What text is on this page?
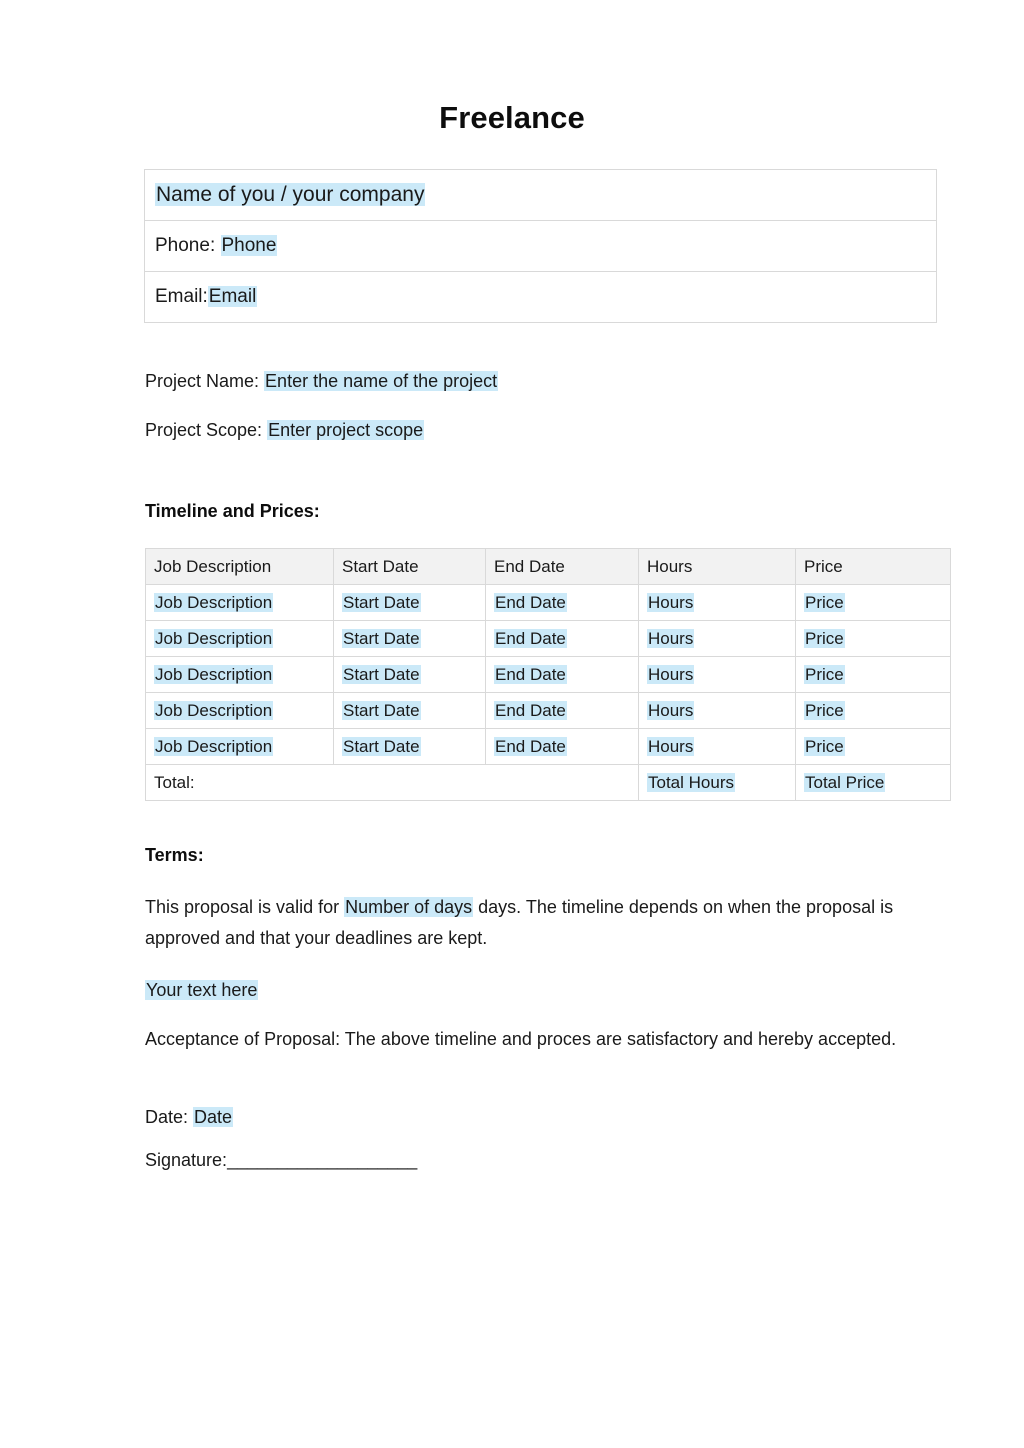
Freelance
Name of you / your company
Phone: Phone
Email:Email
Project Name: Enter the name of the project
Project Scope: Enter project scope
Timeline and Prices:
Job Description	Start Date	End Date	Hours	Price
Job Description	Start Date	End Date	Hours	Price
Job Description	Start Date	End Date	Hours	Price
Job Description	Start Date	End Date	Hours	Price
Job Description	Start Date	End Date	Hours	Price
Job Description	Start Date	End Date	Hours	Price
Total:			Total Hours	Total Price
Terms:
This proposal is valid for Number of days days. The timeline depends on when the proposal is approved and that your deadlines are kept.
Your text here
Acceptance of Proposal: The above timeline and proces are satisfactory and hereby accepted.
Date: Date
Signature:___________________
